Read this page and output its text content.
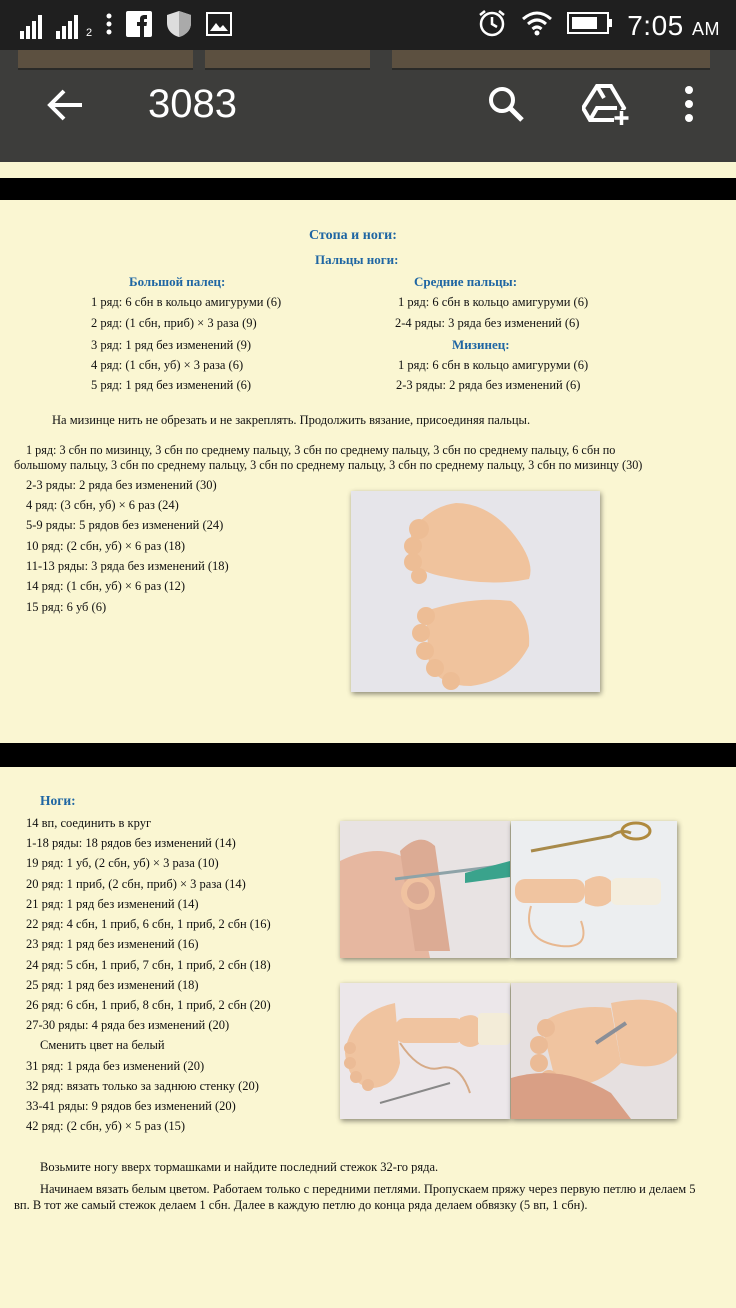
2	7:05 AM
3083
Стопа и ноги:
Пальцы ноги:
Большой палец:
1 ряд: 6 сбн в кольцо амигуруми (6)
2 ряд: (1 сбн, приб) × 3 раза (9)
3 ряд: 1 ряд без изменений (9)
4 ряд: (1 сбн, уб) × 3 раза (6)
5 ряд: 1 ряд без изменений (6)
Средние пальцы:
1 ряд: 6 сбн в кольцо амигуруми (6)
2-4 ряды: 3 ряда без изменений (6)
Мизинец:
1 ряд: 6 сбн в кольцо амигуруми (6)
2-3 ряды: 2 ряда без изменений (6)
На мизинце нить не обрезать и не закреплять. Продолжить вязание, присоединяя пальцы.
1 ряд: 3 сбн по мизинцу, 3 сбн по среднему пальцу, 3 сбн по среднему пальцу, 3 сбн по среднему пальцу, 6 сбн по
большому пальцу, 3 сбн по среднему пальцу, 3 сбн по среднему пальцу, 3 сбн по среднему пальцу, 3 сбн по мизинцу (30)
2-3 ряды: 2 ряда без изменений (30)
4 ряд: (3 сбн, уб) × 6 раз (24)
5-9 ряды: 5 рядов без изменений (24)
10 ряд: (2 сбн, уб) × 6 раз (18)
11-13 ряды: 3 ряда без изменений (18)
14 ряд: (1 сбн, уб) × 6 раз (12)
15 ряд: 6 уб (6)
Ноги:
14 вп, соединить в круг
1-18 ряды: 18 рядов без изменений (14)
19 ряд: 1 уб, (2 сбн, уб) × 3 раза (10)
20 ряд: 1 приб, (2 сбн, приб) × 3 раза (14)
21 ряд: 1 ряд без изменений (14)
22 ряд: 4 сбн, 1 приб, 6 сбн, 1 приб, 2 сбн (16)
23 ряд: 1 ряд без изменений (16)
24 ряд: 5 сбн, 1 приб, 7 сбн, 1 приб, 2 сбн (18)
25 ряд: 1 ряд без изменений (18)
26 ряд: 6 сбн, 1 приб, 8 сбн, 1 приб, 2 сбн (20)
27-30 ряды: 4 ряда без изменений (20)
Сменить цвет на белый
31 ряд: 1 ряда без изменений (20)
32 ряд: вязать только за заднюю стенку (20)
33-41 ряды: 9 рядов без изменений (20)
42 ряд: (2 сбн, уб) × 5 раз (15)
Возьмите ногу вверх тормашками и найдите последний стежок 32-го ряда.
Начинаем вязать белым цветом. Работаем только с передними петлями. Пропускаем пряжу через первую петлю и делаем 5 вп. В тот же самый стежок делаем 1 сбн. Далее в каждую петлю до конца ряда делаем обвязку (5 вп, 1 сбн).
